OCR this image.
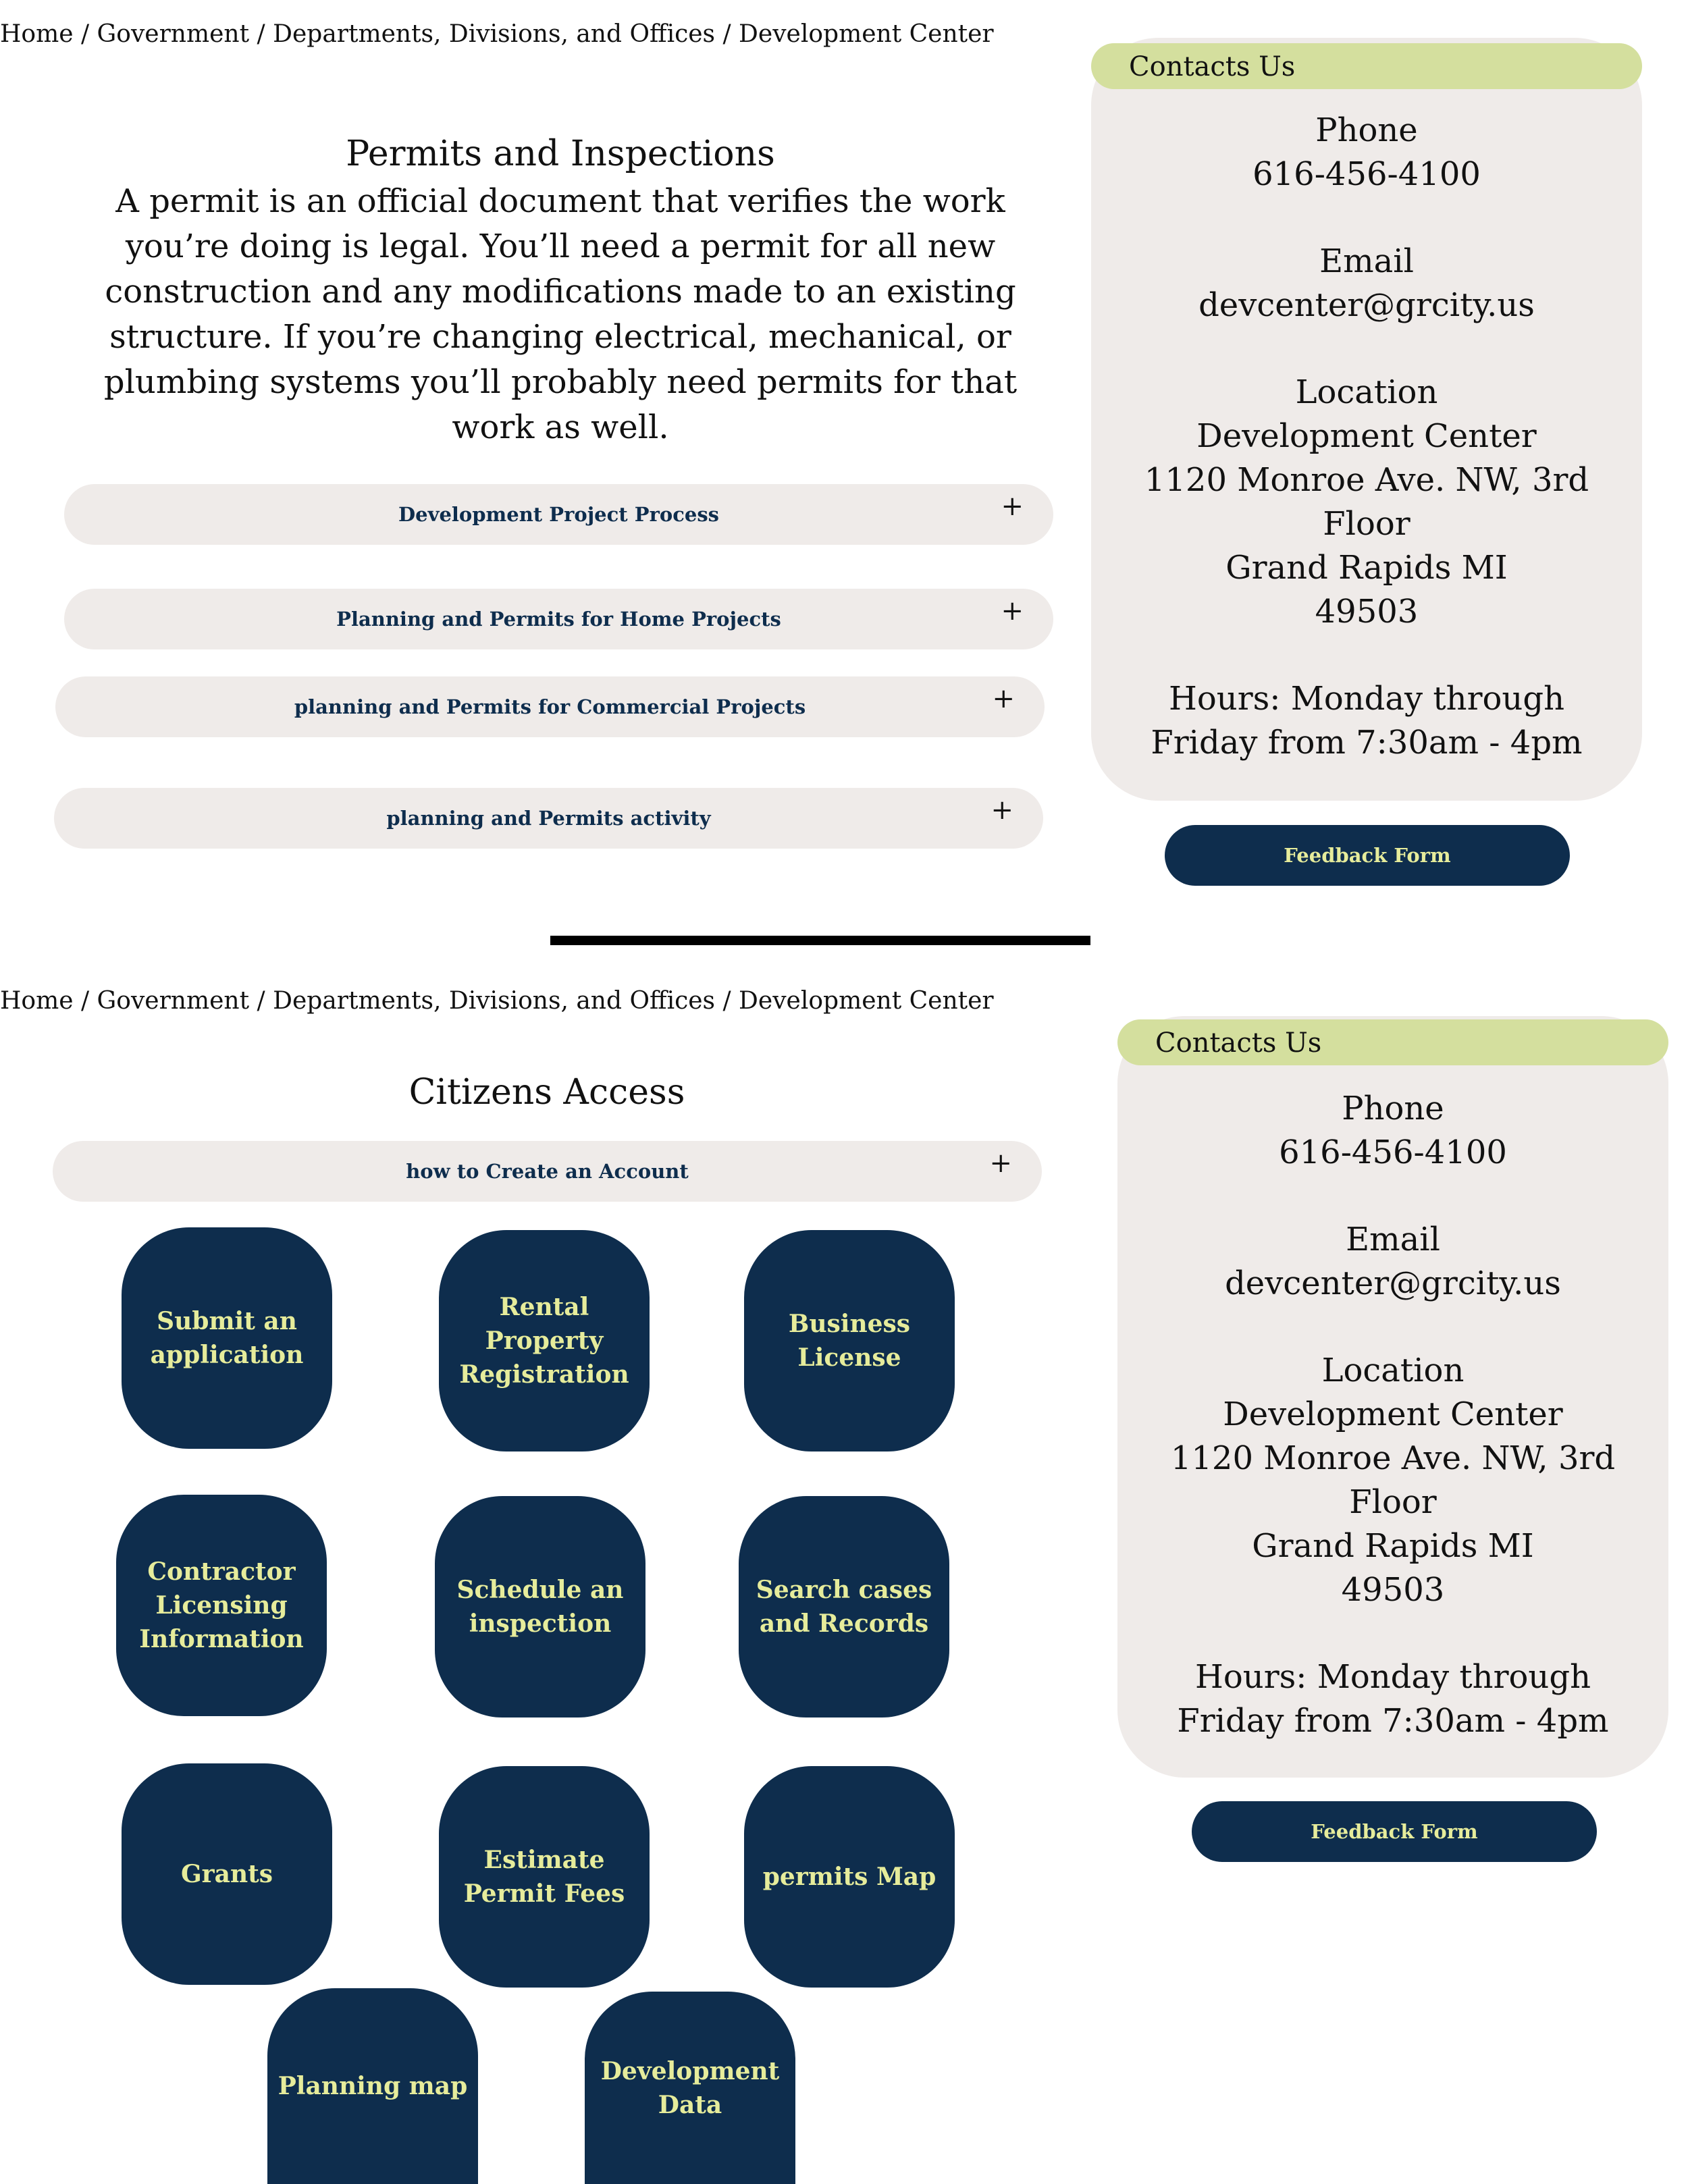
Home / Government / Departments, Divisions, and Offices / Development Center
Permits and Inspections
A permit is an official document that verifies the work
you’re doing is legal. You’ll need a permit for all new
construction and any modifications made to an existing
structure. If you’re changing electrical, mechanical, or
plumbing systems you’ll probably need permits for that
work as well.
Development Project Process	+
Planning and Permits for Home Projects	+
planning and Permits for Commercial Projects	+
planning and Permits activity	+
Phone
616-456-4100
Email
devcenter@grcity.us
Location
Development Center
1120 Monroe Ave. NW, 3rd
Floor
Grand Rapids MI
49503
Hours: Monday through
Friday from 7:30am - 4pm
Contacts Us
Feedback Form
Home / Government / Departments, Divisions, and Offices / Development Center
Citizens Access
how to Create an Account	+
Submit an application
Rental Property Registration
Business License
Contractor Licensing Information
Schedule an inspection
Search cases and Records
Grants	Estimate Permit Fees
permits Map
Planning map
Development Data
Phone
616-456-4100
Email
devcenter@grcity.us
Location
Development Center
1120 Monroe Ave. NW, 3rd
Floor
Grand Rapids MI
49503
Hours: Monday through
Friday from 7:30am - 4pm
Contacts Us
Feedback Form
